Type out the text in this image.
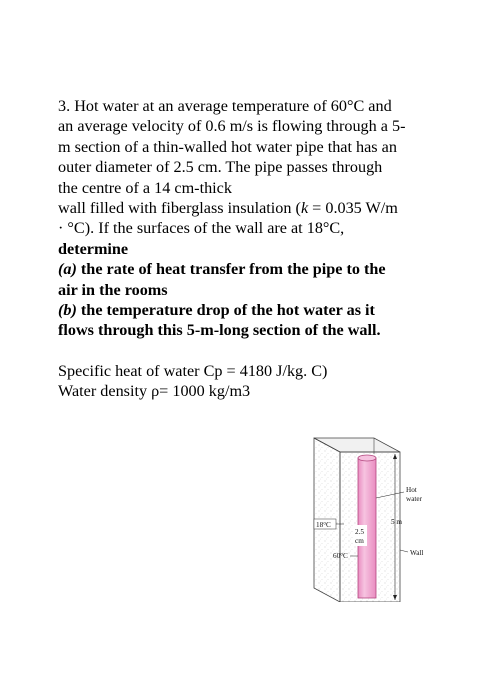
3. Hot water at an average temperature of 60°C and
an average velocity of 0.6 m/s is flowing through a 5-
m section of a thin-walled hot water pipe that has an
outer diameter of 2.5 cm. The pipe passes through
the centre of a 14 cm-thick
wall filled with fiberglass insulation (k = 0.035 W/m
· °C). If the surfaces of the wall are at 18°C,
determine
(a) the rate of heat transfer from the pipe to the
air in the rooms
(b) the temperature drop of the hot water as it
flows through this 5-m-long section of the wall.
Specific heat of water Cp = 4180 J/kg. C)
Water density ρ= 1000 kg/m3
5 m
Hot
water
18°C
2.5
cm
60°C	Wall
